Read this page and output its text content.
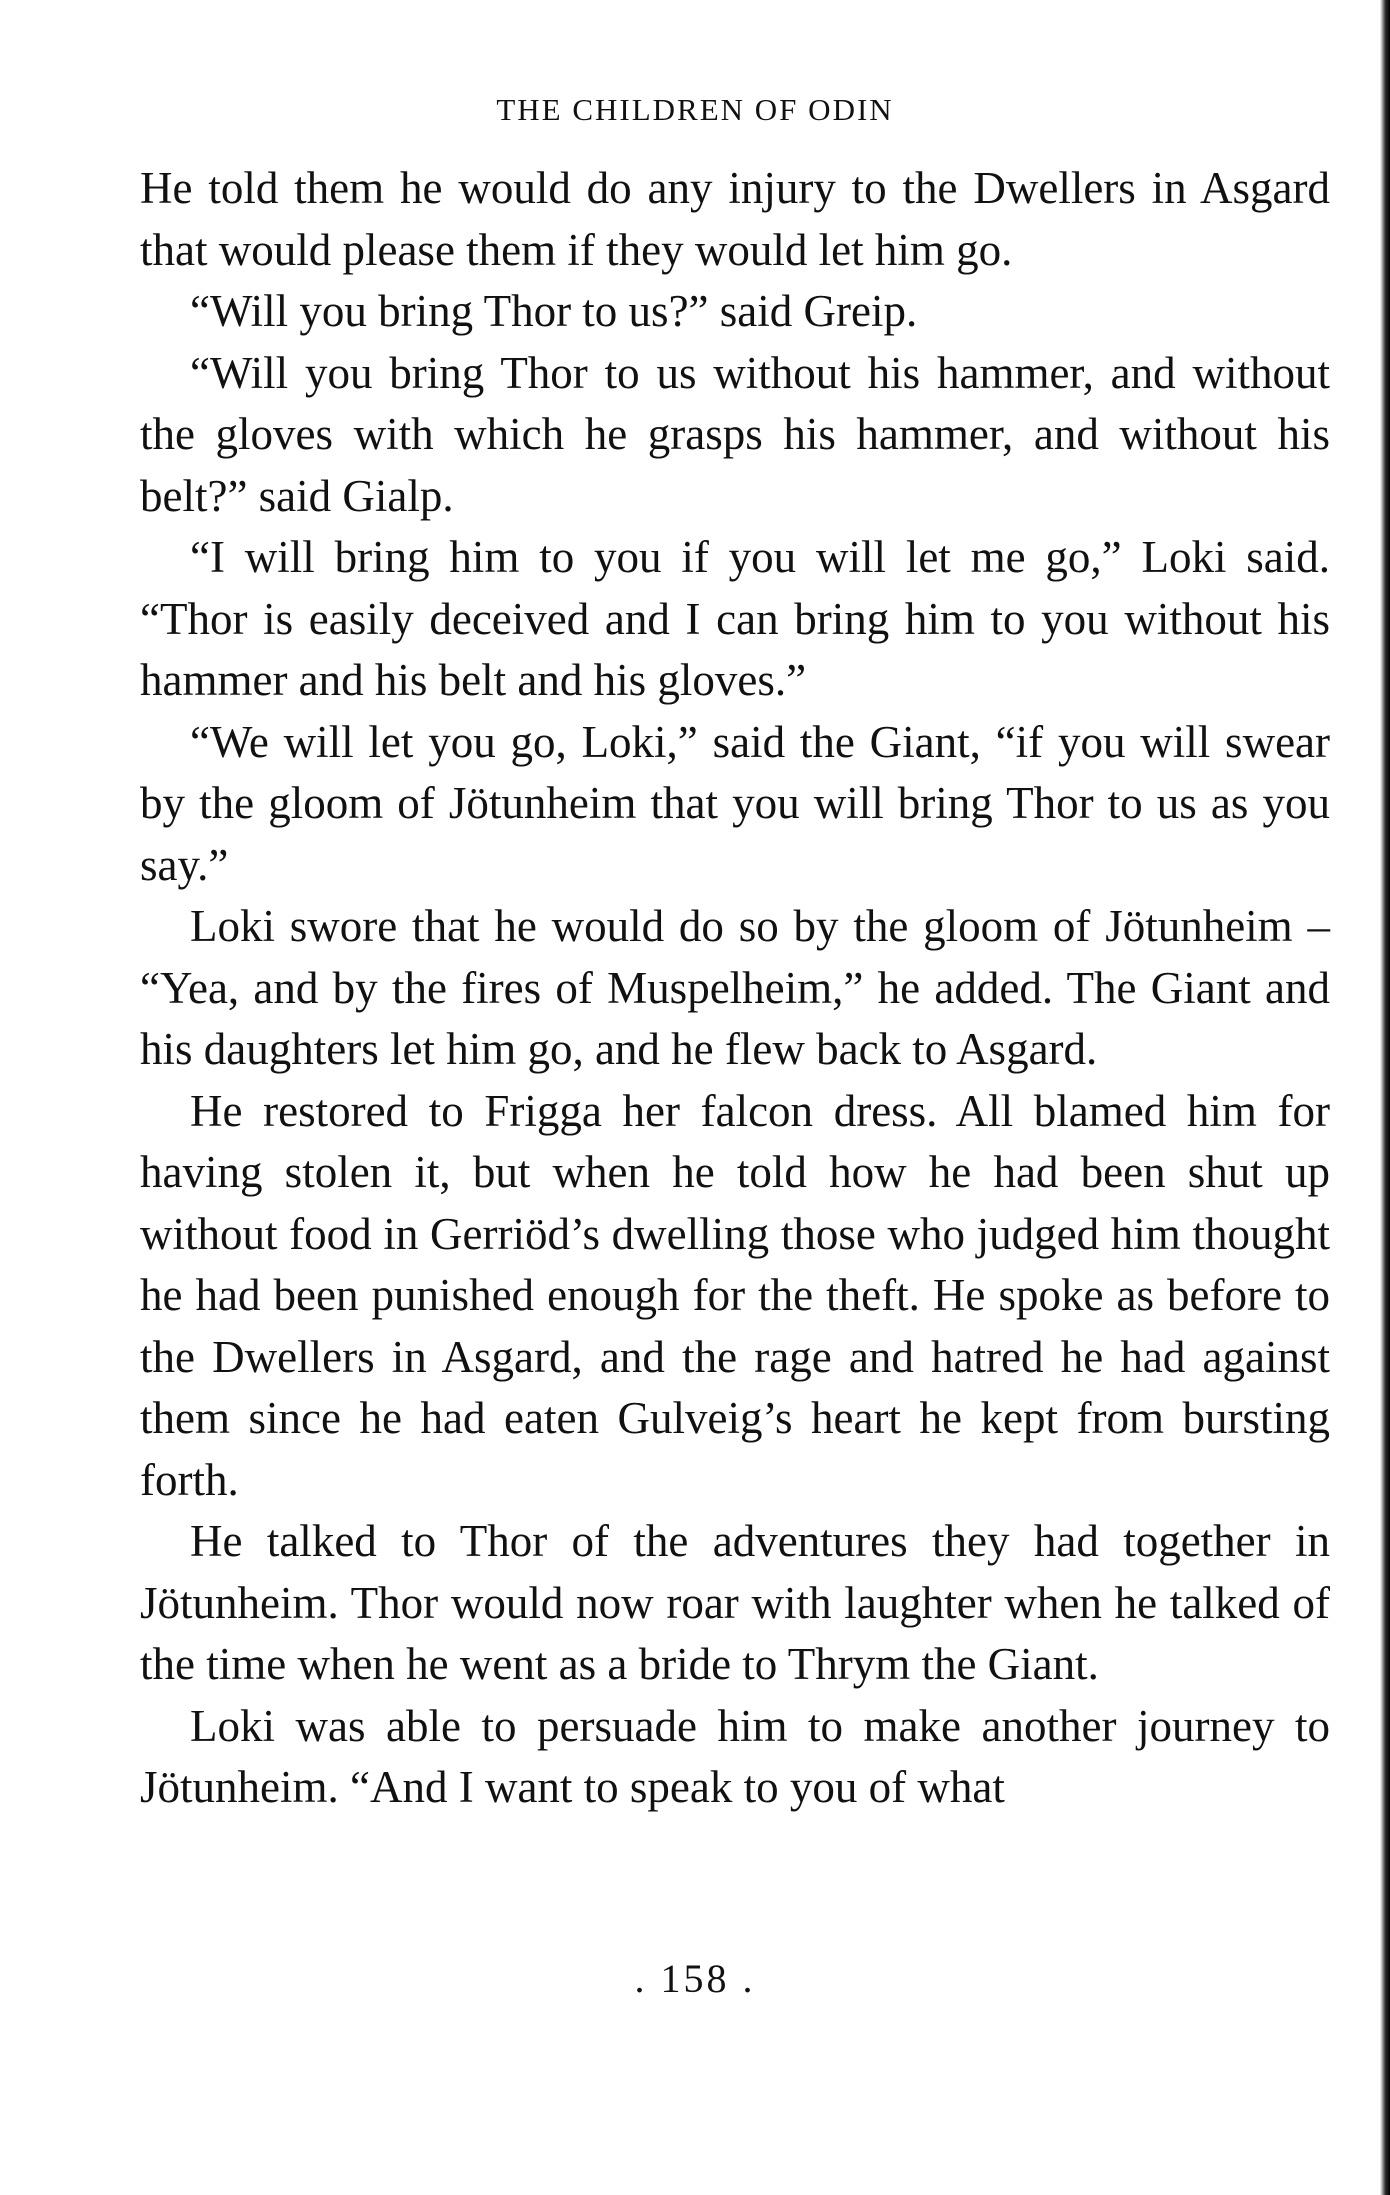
THE CHILDREN OF ODIN

He told them he would do any injury to the Dwellers in Asgard that would please them if they would let him go.

“Will you bring Thor to us?” said Greip.

“Will you bring Thor to us without his hammer, and without the gloves with which he grasps his hammer, and without his belt?” said Gialp.

“I will bring him to you if you will let me go,” Loki said. “Thor is easily deceived and I can bring him to you without his hammer and his belt and his gloves.”

“We will let you go, Loki,” said the Giant, “if you will swear by the gloom of Jötunheim that you will bring Thor to us as you say.”

Loki swore that he would do so by the gloom of Jötunheim – “Yea, and by the fires of Muspelheim,” he added. The Giant and his daughters let him go, and he flew back to Asgard.

He restored to Frigga her falcon dress. All blamed him for having stolen it, but when he told how he had been shut up without food in Gerriöd’s dwelling those who judged him thought he had been punished enough for the theft. He spoke as before to the Dwellers in Asgard, and the rage and hatred he had against them since he had eaten Gulveig’s heart he kept from bursting forth.

He talked to Thor of the adventures they had together in Jötunheim. Thor would now roar with laughter when he talked of the time when he went as a bride to Thrym the Giant.

Loki was able to persuade him to make another journey to Jötunheim. “And I want to speak to you of what

. 158 .
